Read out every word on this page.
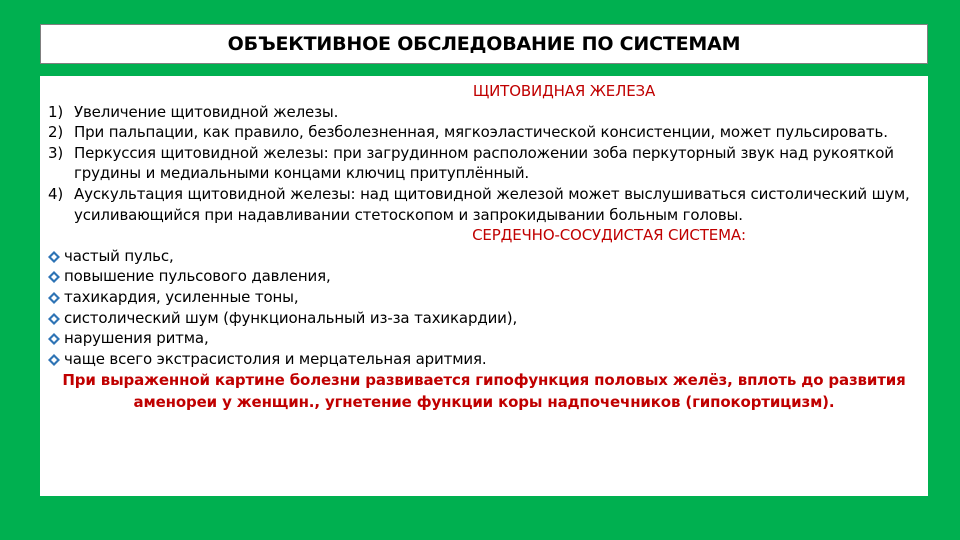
ОБЪЕКТИВНОЕ ОБСЛЕДОВАНИЕ ПО СИСТЕМАМ
ЩИТОВИДНАЯ ЖЕЛЕЗА
1) Увеличение щитовидной железы.
2) При пальпации, как правило, безболезненная, мягкоэластической консистенции, может пульсировать.
3) Перкуссия щитовидной железы: при загрудинном расположении зоба перкуторный звук над рукояткой грудины и медиальными концами ключиц притуплённый.
4) Аускультация щитовидной железы: над щитовидной железой может выслушиваться систолический шум, усиливающийся при надавливании стетоскопом и запрокидывании больным головы.
СЕРДЕЧНО-СОСУДИСТАЯ СИСТЕМА:
частый пульс,
повышение пульсового давления,
тахикардия, усиленные тоны,
систолический шум (функциональный из-за тахикардии),
нарушения ритма,
чаще всего экстрасистолия и мерцательная аритмия.
При выраженной картине болезни развивается гипофункция половых желёз, вплоть до развития аменореи у женщин., угнетение функции коры надпочечников (гипокортицизм).
